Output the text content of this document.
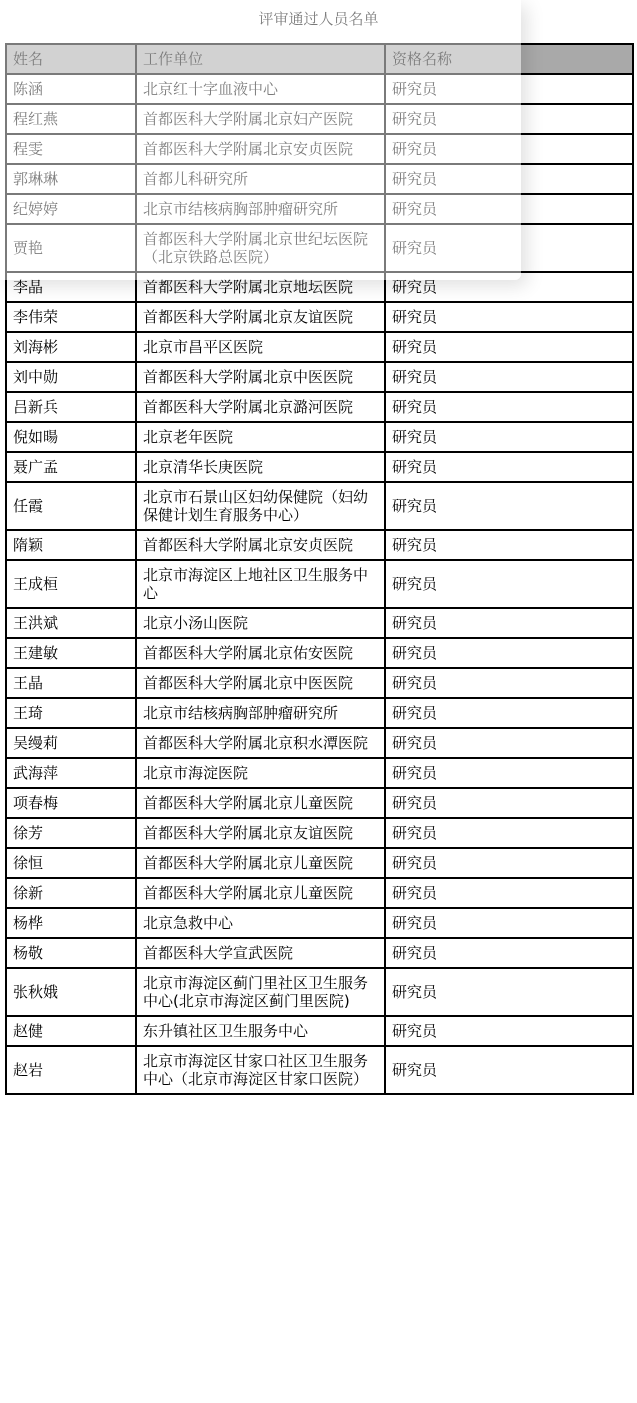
评审通过人员名单
姓名	工作单位	资格名称
陈涵	北京红十字血液中心	研究员
程红燕	首都医科大学附属北京妇产医院	研究员
程雯	首都医科大学附属北京安贞医院	研究员
郭琳琳	首都儿科研究所	研究员
纪婷婷	北京市结核病胸部肿瘤研究所	研究员
贾艳	首都医科大学附属北京世纪坛医院（北京铁路总医院）	研究员
李晶	首都医科大学附属北京地坛医院	研究员
李伟荣	首都医科大学附属北京友谊医院	研究员
刘海彬	北京市昌平区医院	研究员
刘中勋	首都医科大学附属北京中医医院	研究员
吕新兵	首都医科大学附属北京潞河医院	研究员
倪如暘	北京老年医院	研究员
聂广孟	北京清华长庚医院	研究员
任霞	北京市石景山区妇幼保健院（妇幼保健计划生育服务中心）	研究员
隋颖	首都医科大学附属北京安贞医院	研究员
王成桓	北京市海淀区上地社区卫生服务中心	研究员
王洪斌	北京小汤山医院	研究员
王建敏	首都医科大学附属北京佑安医院	研究员
王晶	首都医科大学附属北京中医医院	研究员
王琦	北京市结核病胸部肿瘤研究所	研究员
吴缦莉	首都医科大学附属北京积水潭医院	研究员
武海萍	北京市海淀医院	研究员
项春梅	首都医科大学附属北京儿童医院	研究员
徐芳	首都医科大学附属北京友谊医院	研究员
徐恒	首都医科大学附属北京儿童医院	研究员
徐新	首都医科大学附属北京儿童医院	研究员
杨桦	北京急救中心	研究员
杨敬	首都医科大学宣武医院	研究员
张秋娥	北京市海淀区蓟门里社区卫生服务中心(北京市海淀区蓟门里医院)	研究员
赵健	东升镇社区卫生服务中心	研究员
赵岩	北京市海淀区甘家口社区卫生服务中心（北京市海淀区甘家口医院）	研究员
